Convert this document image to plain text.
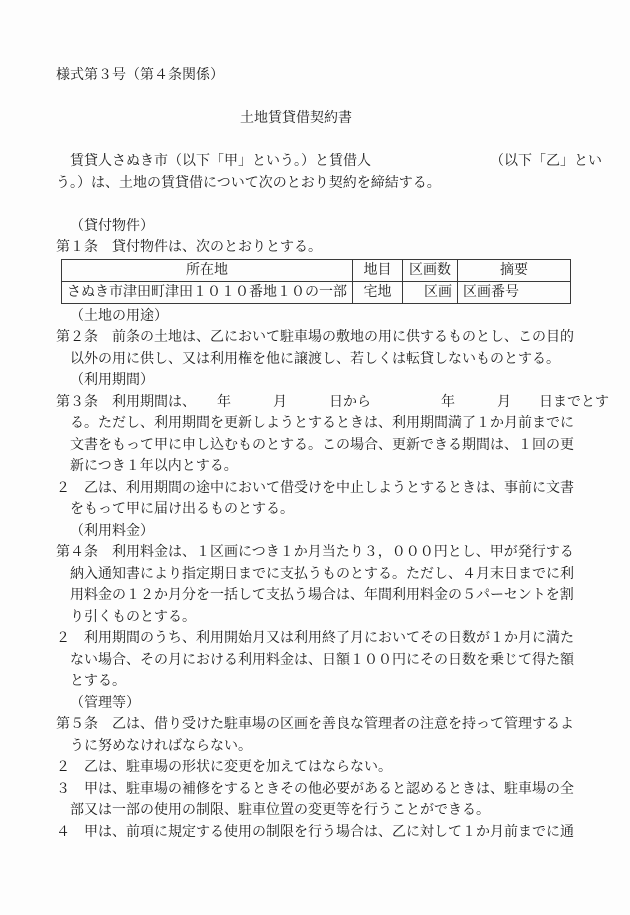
様式第３号（第４条関係）
土地賃貸借契約書
　賃貸人さぬき市（以下「甲」という。）と賃借人　　　　　　　　　（以下「乙」とい
う。）は、土地の賃貸借について次のとおり契約を締結する。
（貸付物件）
第１条　貸付物件は、次のとおりとする。
所在地	地目	区画数	摘要
さぬき市津田町津田１０１０番地１０の一部	宅地	区画	区画番号
（土地の用途）
第２条　前条の土地は、乙において駐車場の敷地の用に供するものとし、この目的
以外の用に供し、又は利用権を他に譲渡し、若しくは転貸しないものとする。
（利用期間）
第３条　利用期間は、　　年　　　月　　　日から　　　　　年　　　月　　日までとす
る。ただし、利用期間を更新しようとするときは、利用期間満了１か月前までに
文書をもって甲に申し込むものとする。この場合、更新できる期間は、１回の更
新につき１年以内とする。
２　乙は、利用期間の途中において借受けを中止しようとするときは、事前に文書
をもって甲に届け出るものとする。
（利用料金）
第４条　利用料金は、１区画につき１か月当たり３，０００円とし、甲が発行する
納入通知書により指定期日までに支払うものとする。ただし、４月末日までに利
用料金の１２か月分を一括して支払う場合は、年間利用料金の５パーセントを割
り引くものとする。
２　利用期間のうち、利用開始月又は利用終了月においてその日数が１か月に満た
ない場合、その月における利用料金は、日額１００円にその日数を乗じて得た額
とする。
（管理等）
第５条　乙は、借り受けた駐車場の区画を善良な管理者の注意を持って管理するよ
うに努めなければならない。
２　乙は、駐車場の形状に変更を加えてはならない。
３　甲は、駐車場の補修をするときその他必要があると認めるときは、駐車場の全
部又は一部の使用の制限、駐車位置の変更等を行うことができる。
４　甲は、前項に規定する使用の制限を行う場合は、乙に対して１か月前までに通
